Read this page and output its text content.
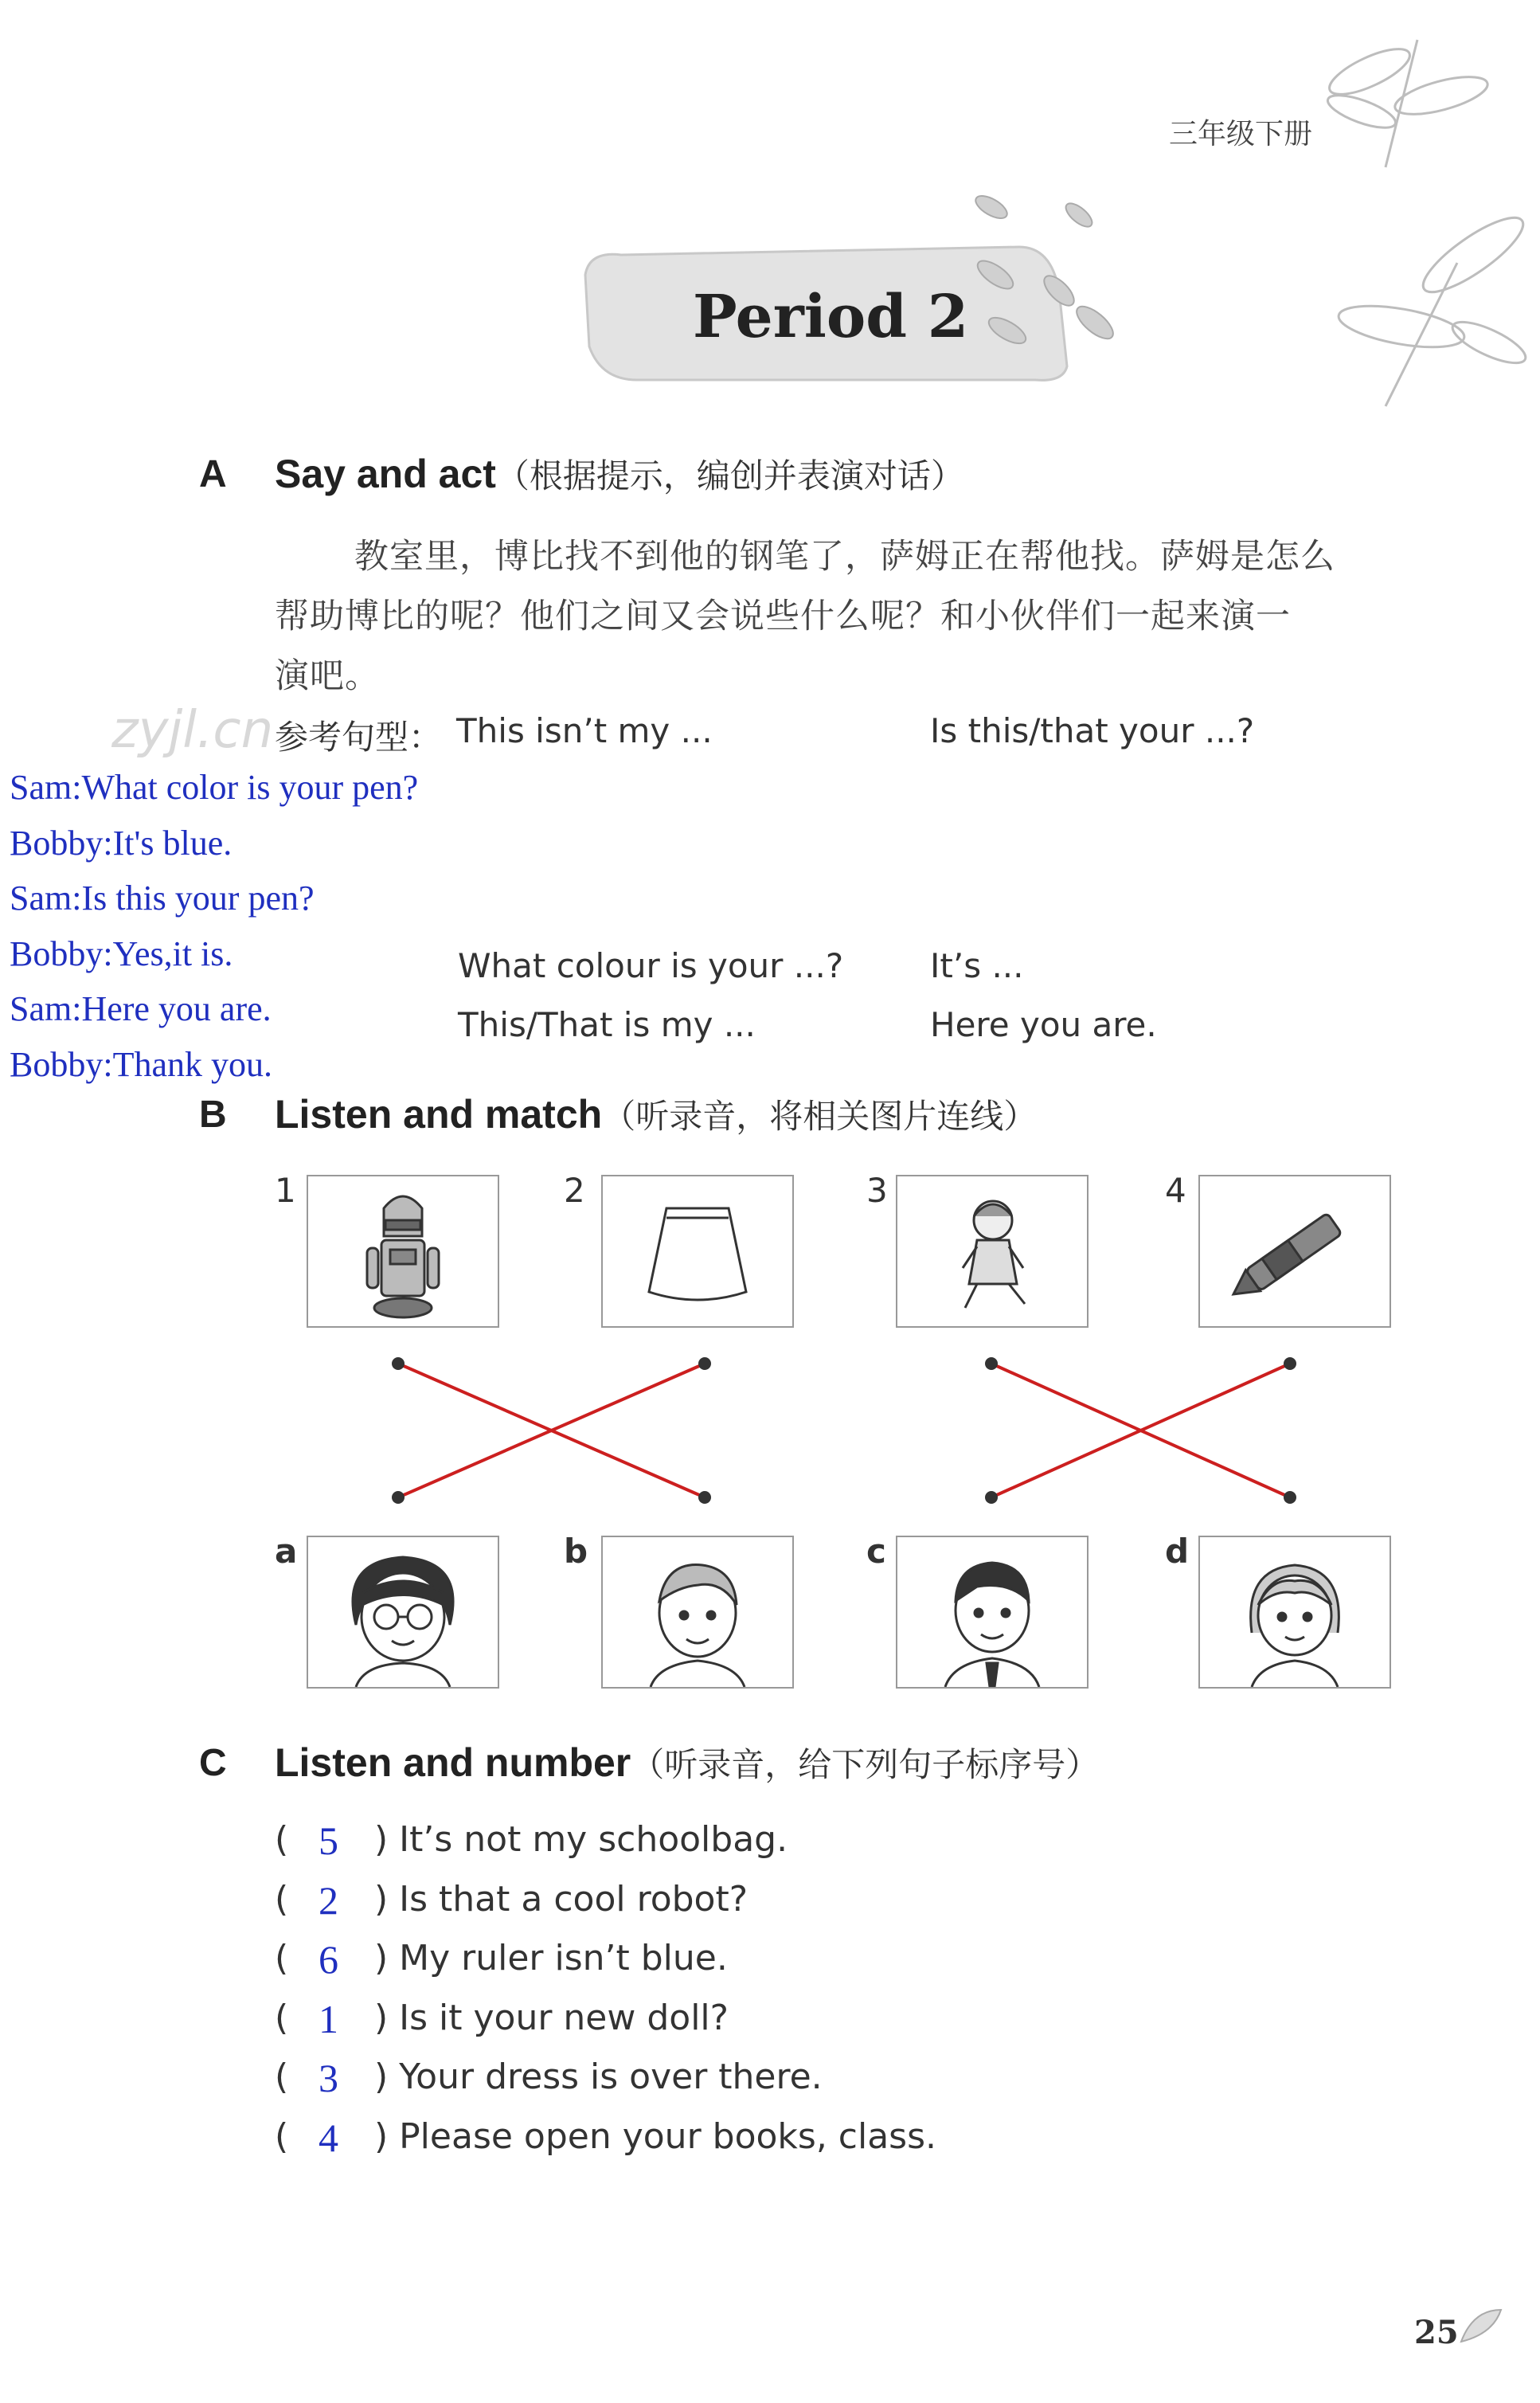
三年级下册
Period 2
A Say and act（根据提示，编创并表演对话）
教室里，博比找不到他的钢笔了，萨姆正在帮他找。萨姆是怎么
帮助博比的呢？他们之间又会说些什么呢？和小伙伴们一起来演一
演吧。
zyjl.cn 参考句型： This isn’t my ...	Is this/that your ...?
What colour is your ...?	It’s ...
This/That is my ...	Here you are.
Sam:What color is your pen?
Bobby:It's blue.
Sam:Is this your pen?
Bobby:Yes,it is.
Sam:Here you are.
Bobby:Thank you.
B Listen and match（听录音，将相关图片连线）
1	2	3	4
a	b	c	d
C Listen and number（听录音，给下列句子标序号）
( 5 ) It’s not my schoolbag.
( 2 ) Is that a cool robot?
( 6 ) My ruler isn’t blue.
( 1 ) Is it your new doll?
( 3 ) Your dress is over there.
( 4 ) Please open your books, class.
25
